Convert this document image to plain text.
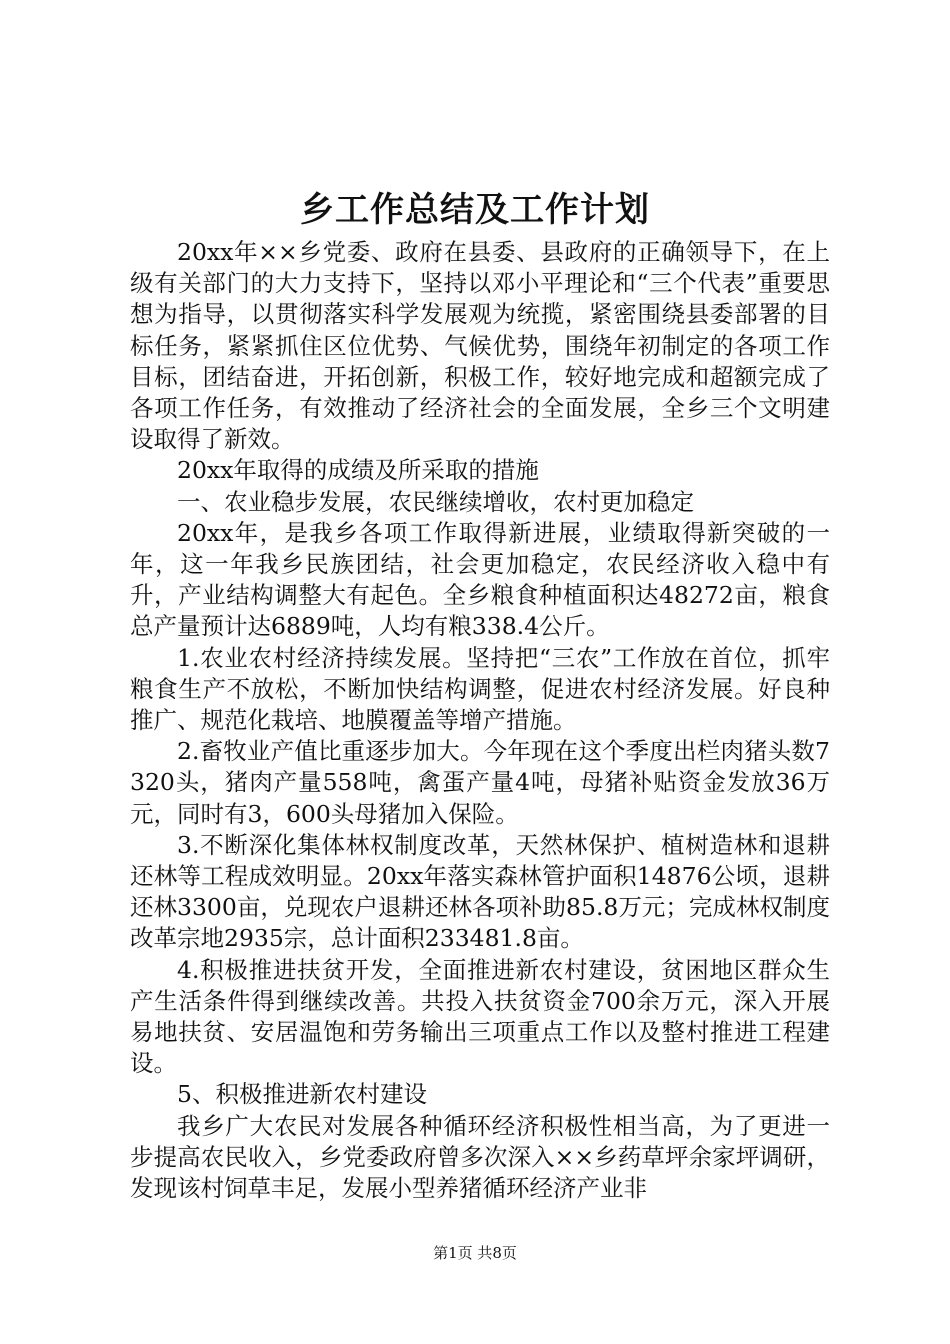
乡工作总结及工作计划

20xx年××乡党委、政府在县委、县政府的正确领导下，在上级有关部门的大力支持下，坚持以邓小平理论和“三个代表”重要思想为指导，以贯彻落实科学发展观为统揽，紧密围绕县委部署的目标任务，紧紧抓住区位优势、气候优势，围绕年初制定的各项工作目标，团结奋进，开拓创新，积极工作，较好地完成和超额完成了各项工作任务，有效推动了经济社会的全面发展，全乡三个文明建设取得了新效。

20xx年取得的成绩及所采取的措施

一、农业稳步发展，农民继续增收，农村更加稳定

20xx年，是我乡各项工作取得新进展，业绩取得新突破的一年，这一年我乡民族团结，社会更加稳定，农民经济收入稳中有升，产业结构调整大有起色。全乡粮食种植面积达48272亩，粮食总产量预计达6889吨，人均有粮338.4公斤。

1.农业农村经济持续发展。坚持把“三农”工作放在首位，抓牢粮食生产不放松，不断加快结构调整，促进农村经济发展。好良种推广、规范化栽培、地膜覆盖等增产措施。

2.畜牧业产值比重逐步加大。今年现在这个季度出栏肉猪头数7320头，猪肉产量558吨，禽蛋产量4吨，母猪补贴资金发放36万元，同时有3，600头母猪加入保险。

3.不断深化集体林权制度改革，天然林保护、植树造林和退耕还林等工程成效明显。20xx年落实森林管护面积14876公顷，退耕还林3300亩，兑现农户退耕还林各项补助85.8万元；完成林权制度改革宗地2935宗，总计面积233481.8亩。

4.积极推进扶贫开发，全面推进新农村建设，贫困地区群众生产生活条件得到继续改善。共投入扶贫资金700余万元，深入开展易地扶贫、安居温饱和劳务输出三项重点工作以及整村推进工程建设。

5、积极推进新农村建设

我乡广大农民对发展各种循环经济积极性相当高，为了更进一步提高农民收入，乡党委政府曾多次深入××乡药草坪余家坪调研，发现该村饲草丰足，发展小型养猪循环经济产业非

第1页 共8页
